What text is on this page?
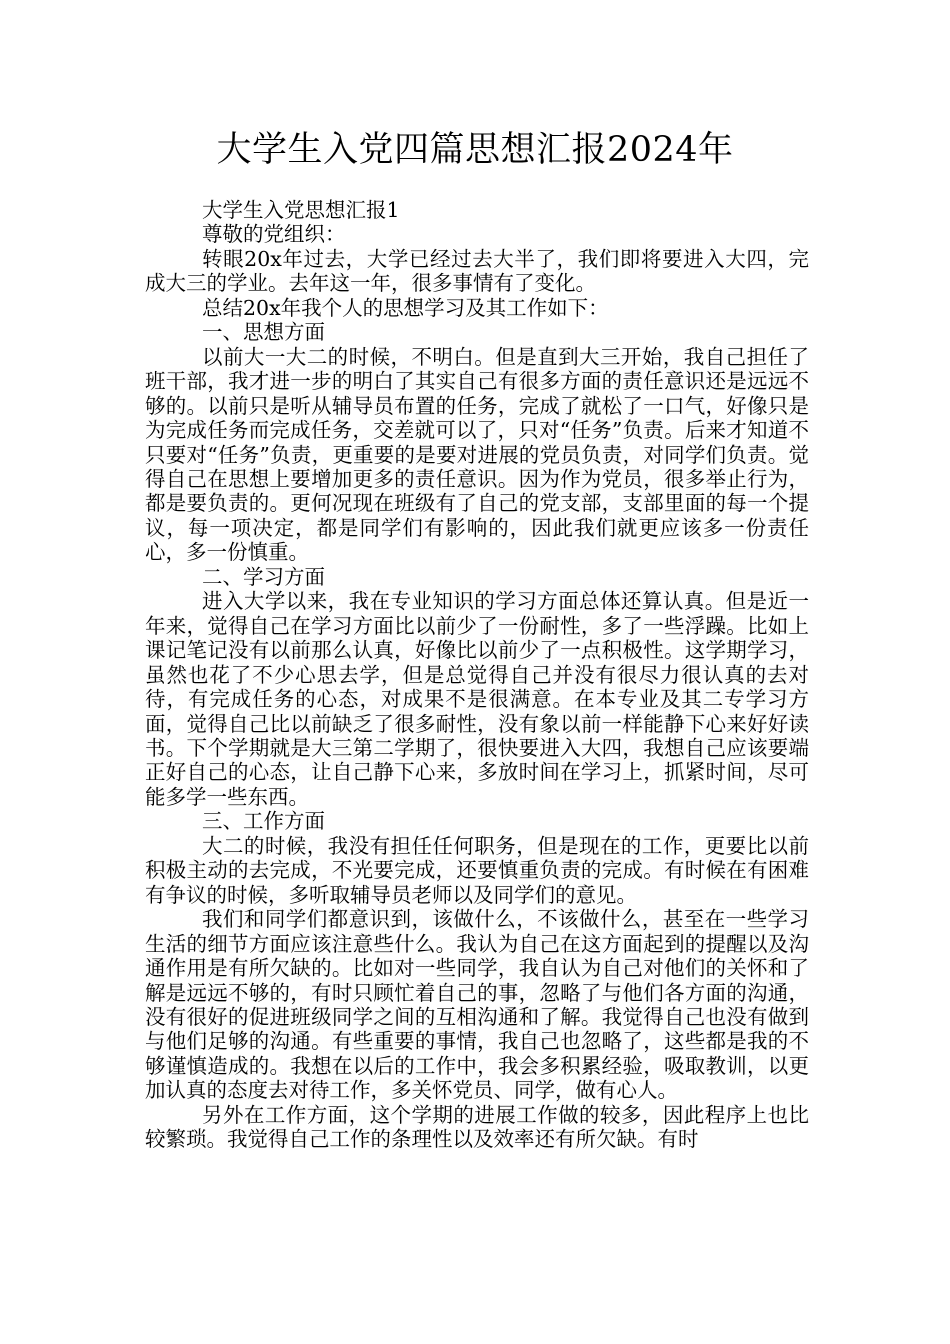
大学生入党四篇思想汇报2024年

大学生入党思想汇报1

尊敬的党组织：

转眼20x年过去，大学已经过去大半了，我们即将要进入大四，完成大三的学业。去年这一年，很多事情有了变化。

总结20x年我个人的思想学习及其工作如下：

一、思想方面

以前大一大二的时候，不明白。但是直到大三开始，我自己担任了班干部，我才进一步的明白了其实自己有很多方面的责任意识还是远远不够的。以前只是听从辅导员布置的任务，完成了就松了一口气，好像只是为完成任务而完成任务，交差就可以了，只对“任务”负责。后来才知道不只要对“任务”负责，更重要的是要对进展的党员负责，对同学们负责。觉得自己在思想上要增加更多的责任意识。因为作为党员，很多举止行为，都是要负责的。更何况现在班级有了自己的党支部，支部里面的每一个提议，每一项决定，都是同学们有影响的，因此我们就更应该多一份责任心，多一份慎重。

二、学习方面

进入大学以来，我在专业知识的学习方面总体还算认真。但是近一年来，觉得自己在学习方面比以前少了一份耐性，多了一些浮躁。比如上课记笔记没有以前那么认真，好像比以前少了一点积极性。这学期学习，虽然也花了不少心思去学，但是总觉得自己并没有很尽力很认真的去对待，有完成任务的心态，对成果不是很满意。在本专业及其二专学习方面，觉得自己比以前缺乏了很多耐性，没有象以前一样能静下心来好好读书。下个学期就是大三第二学期了，很快要进入大四，我想自己应该要端正好自己的心态，让自己静下心来，多放时间在学习上，抓紧时间，尽可能多学一些东西。

三、工作方面

大二的时候，我没有担任任何职务，但是现在的工作，更要比以前积极主动的去完成，不光要完成，还要慎重负责的完成。有时候在有困难有争议的时候，多听取辅导员老师以及同学们的意见。

我们和同学们都意识到，该做什么，不该做什么，甚至在一些学习生活的细节方面应该注意些什么。我认为自己在这方面起到的提醒以及沟通作用是有所欠缺的。比如对一些同学，我自认为自己对他们的关怀和了解是远远不够的，有时只顾忙着自己的事，忽略了与他们各方面的沟通，没有很好的促进班级同学之间的互相沟通和了解。我觉得自己也没有做到与他们足够的沟通。有些重要的事情，我自己也忽略了，这些都是我的不够谨慎造成的。我想在以后的工作中，我会多积累经验，吸取教训，以更加认真的态度去对待工作，多关怀党员、同学，做有心人。

另外在工作方面，这个学期的进展工作做的较多，因此程序上也比较繁琐。我觉得自己工作的条理性以及效率还有所欠缺。有时
